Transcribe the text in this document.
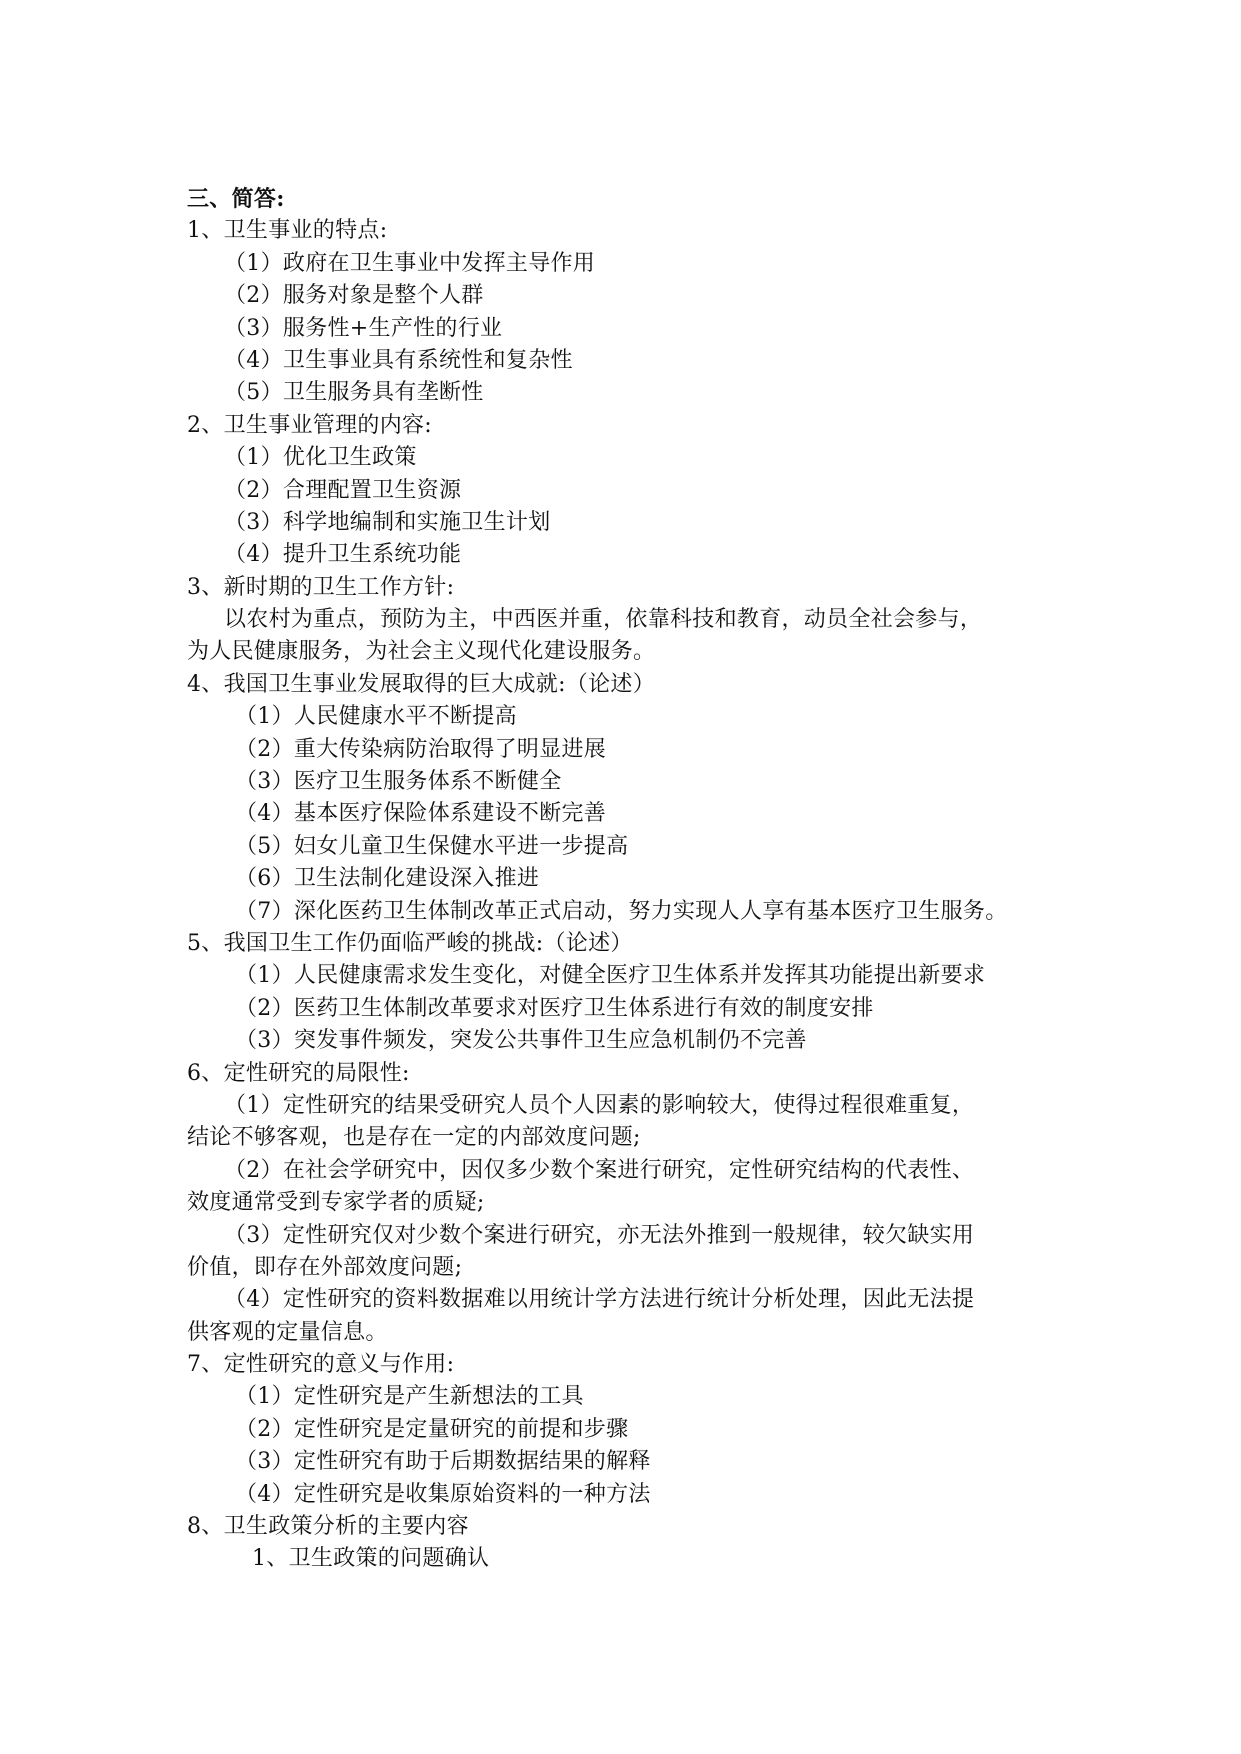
三、简答:
1、卫生事业的特点:
（1）政府在卫生事业中发挥主导作用
（2）服务对象是整个人群
（3）服务性+生产性的行业
（4）卫生事业具有系统性和复杂性
（5）卫生服务具有垄断性
2、卫生事业管理的内容:
（1）优化卫生政策
（2）合理配置卫生资源
（3）科学地编制和实施卫生计划
（4）提升卫生系统功能
3、新时期的卫生工作方针:
以农村为重点，预防为主，中西医并重，依靠科技和教育，动员全社会参与，
为人民健康服务，为社会主义现代化建设服务。
4、我国卫生事业发展取得的巨大成就:（论述）
（1）人民健康水平不断提高
（2）重大传染病防治取得了明显进展
（3）医疗卫生服务体系不断健全
（4）基本医疗保险体系建设不断完善
（5）妇女儿童卫生保健水平进一步提高
（6）卫生法制化建设深入推进
（7）深化医药卫生体制改革正式启动，努力实现人人享有基本医疗卫生服务。
5、我国卫生工作仍面临严峻的挑战:（论述）
（1）人民健康需求发生变化，对健全医疗卫生体系并发挥其功能提出新要求
（2）医药卫生体制改革要求对医疗卫生体系进行有效的制度安排
（3）突发事件频发，突发公共事件卫生应急机制仍不完善
6、定性研究的局限性:
（1）定性研究的结果受研究人员个人因素的影响较大，使得过程很难重复，
结论不够客观，也是存在一定的内部效度问题;
（2）在社会学研究中，因仅多少数个案进行研究，定性研究结构的代表性、
效度通常受到专家学者的质疑;
（3）定性研究仅对少数个案进行研究，亦无法外推到一般规律，较欠缺实用
价值，即存在外部效度问题;
（4）定性研究的资料数据难以用统计学方法进行统计分析处理，因此无法提
供客观的定量信息。
7、定性研究的意义与作用:
（1）定性研究是产生新想法的工具
（2）定性研究是定量研究的前提和步骤
（3）定性研究有助于后期数据结果的解释
（4）定性研究是收集原始资料的一种方法
8、卫生政策分析的主要内容
1、卫生政策的问题确认
